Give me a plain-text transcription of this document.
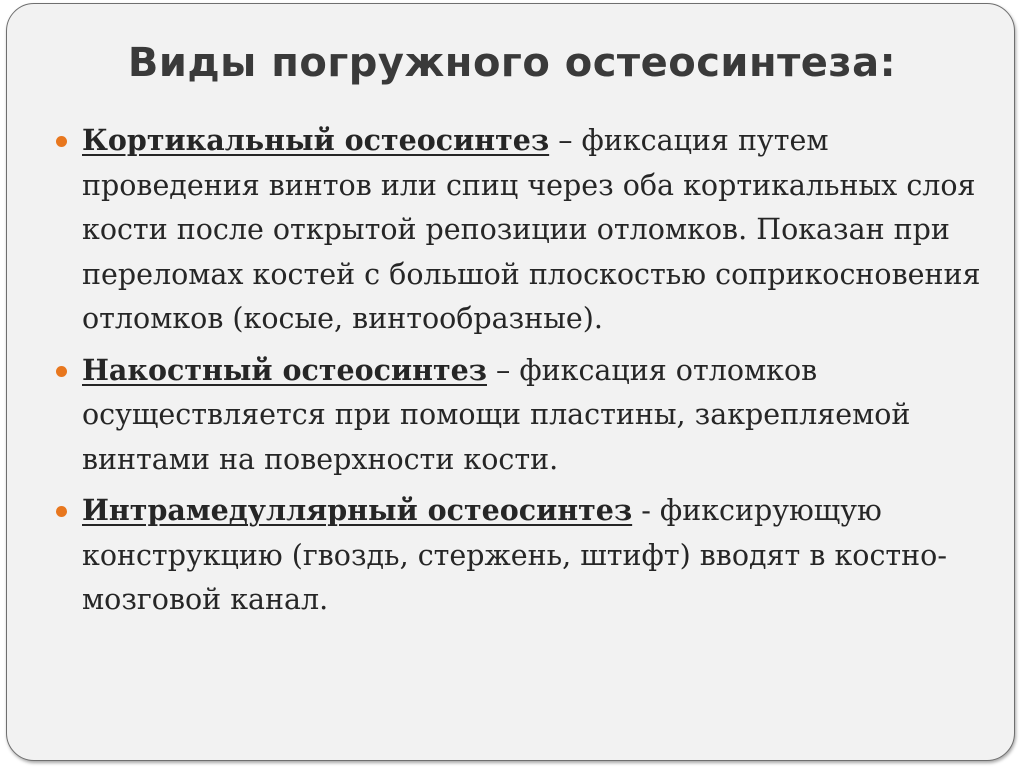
Виды погружного остеосинтеза:
Кортикальный остеосинтез – фиксация путем проведения винтов или спиц через оба кортикальных слоя кости после открытой репозиции отломков. Показан при переломах костей с большой плоскостью соприкосновения отломков (косые, винтообразные).
Накостный остеосинтез – фиксация отломков осуществляется при помощи пластины, закрепляемой винтами на поверхности кости.
Интрамедуллярный остеосинтез - фиксирующую конструкцию (гвоздь, стержень, штифт) вводят в костно-мозговой канал.
